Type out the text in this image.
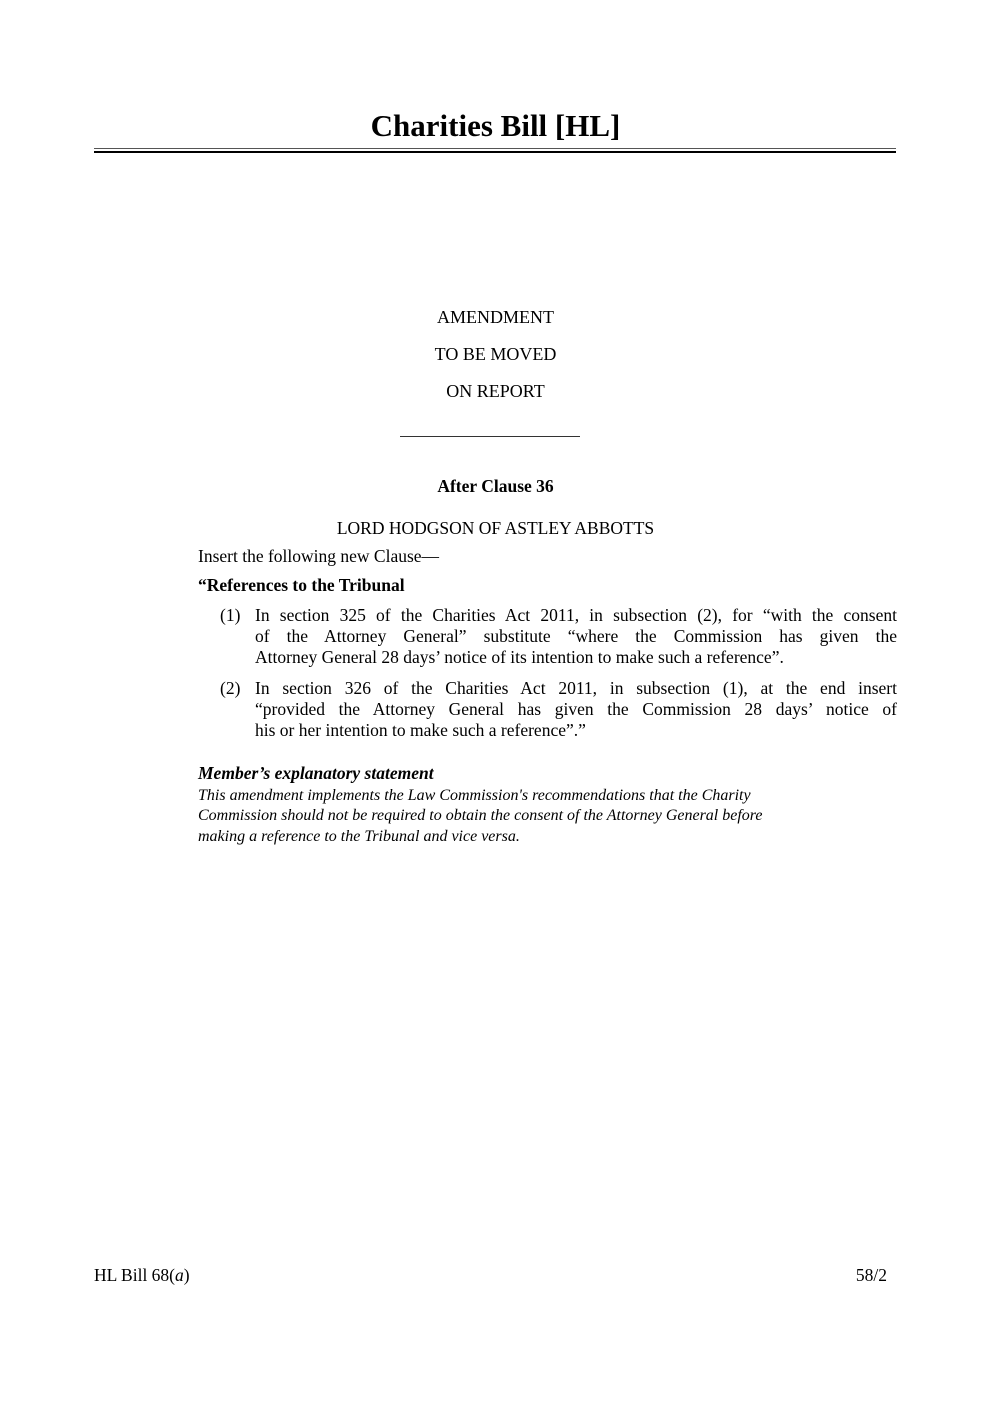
Charities Bill [HL]
AMENDMENT
TO BE MOVED
ON REPORT
After Clause 36
LORD HODGSON OF ASTLEY ABBOTTS
Insert the following new Clause—
“References to the Tribunal
(1) In section 325 of the Charities Act 2011, in subsection (2), for “with the consent
of the Attorney General” substitute “where the Commission has given the
Attorney General 28 days’ notice of its intention to make such a reference”.
(2) In section 326 of the Charities Act 2011, in subsection (1), at the end insert
“provided the Attorney General has given the Commission 28 days’ notice of
his or her intention to make such a reference”.”
Member’s explanatory statement
This amendment implements the Law Commission's recommendations that the Charity
Commission should not be required to obtain the consent of the Attorney General before
making a reference to the Tribunal and vice versa.
HL Bill 68(a)	58/2
